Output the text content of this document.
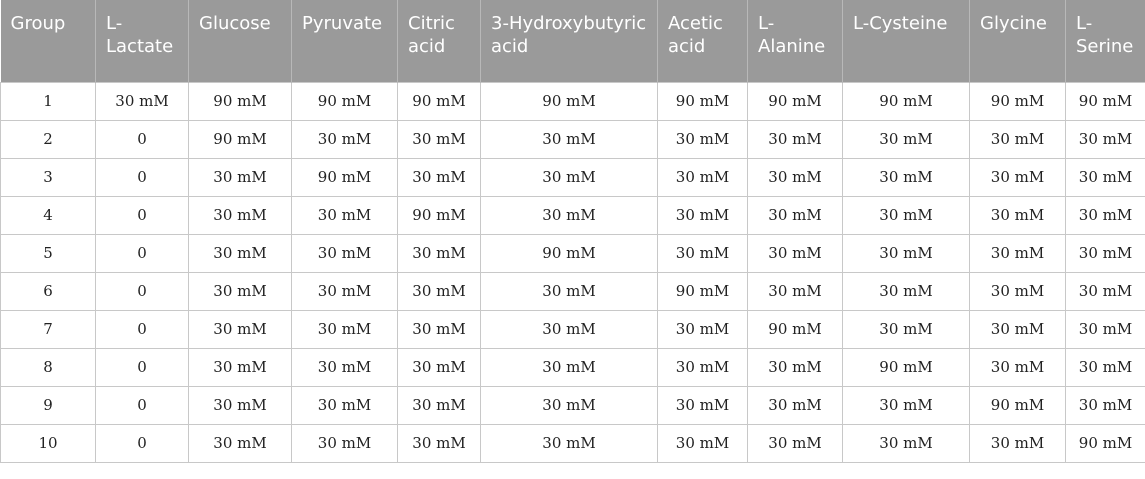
Group	L-Lactate	Glucose	Pyruvate	Citric acid	3-Hydroxybutyric acid	Acetic acid	L-Alanine	L-Cysteine	Glycine	L-Serine
1	30 mM	90 mM	90 mM	90 mM	90 mM	90 mM	90 mM	90 mM	90 mM	90 mM
2	0	90 mM	30 mM	30 mM	30 mM	30 mM	30 mM	30 mM	30 mM	30 mM
3	0	30 mM	90 mM	30 mM	30 mM	30 mM	30 mM	30 mM	30 mM	30 mM
4	0	30 mM	30 mM	90 mM	30 mM	30 mM	30 mM	30 mM	30 mM	30 mM
5	0	30 mM	30 mM	30 mM	90 mM	30 mM	30 mM	30 mM	30 mM	30 mM
6	0	30 mM	30 mM	30 mM	30 mM	90 mM	30 mM	30 mM	30 mM	30 mM
7	0	30 mM	30 mM	30 mM	30 mM	30 mM	90 mM	30 mM	30 mM	30 mM
8	0	30 mM	30 mM	30 mM	30 mM	30 mM	30 mM	90 mM	30 mM	30 mM
9	0	30 mM	30 mM	30 mM	30 mM	30 mM	30 mM	30 mM	90 mM	30 mM
10	0	30 mM	30 mM	30 mM	30 mM	30 mM	30 mM	30 mM	30 mM	90 mM
